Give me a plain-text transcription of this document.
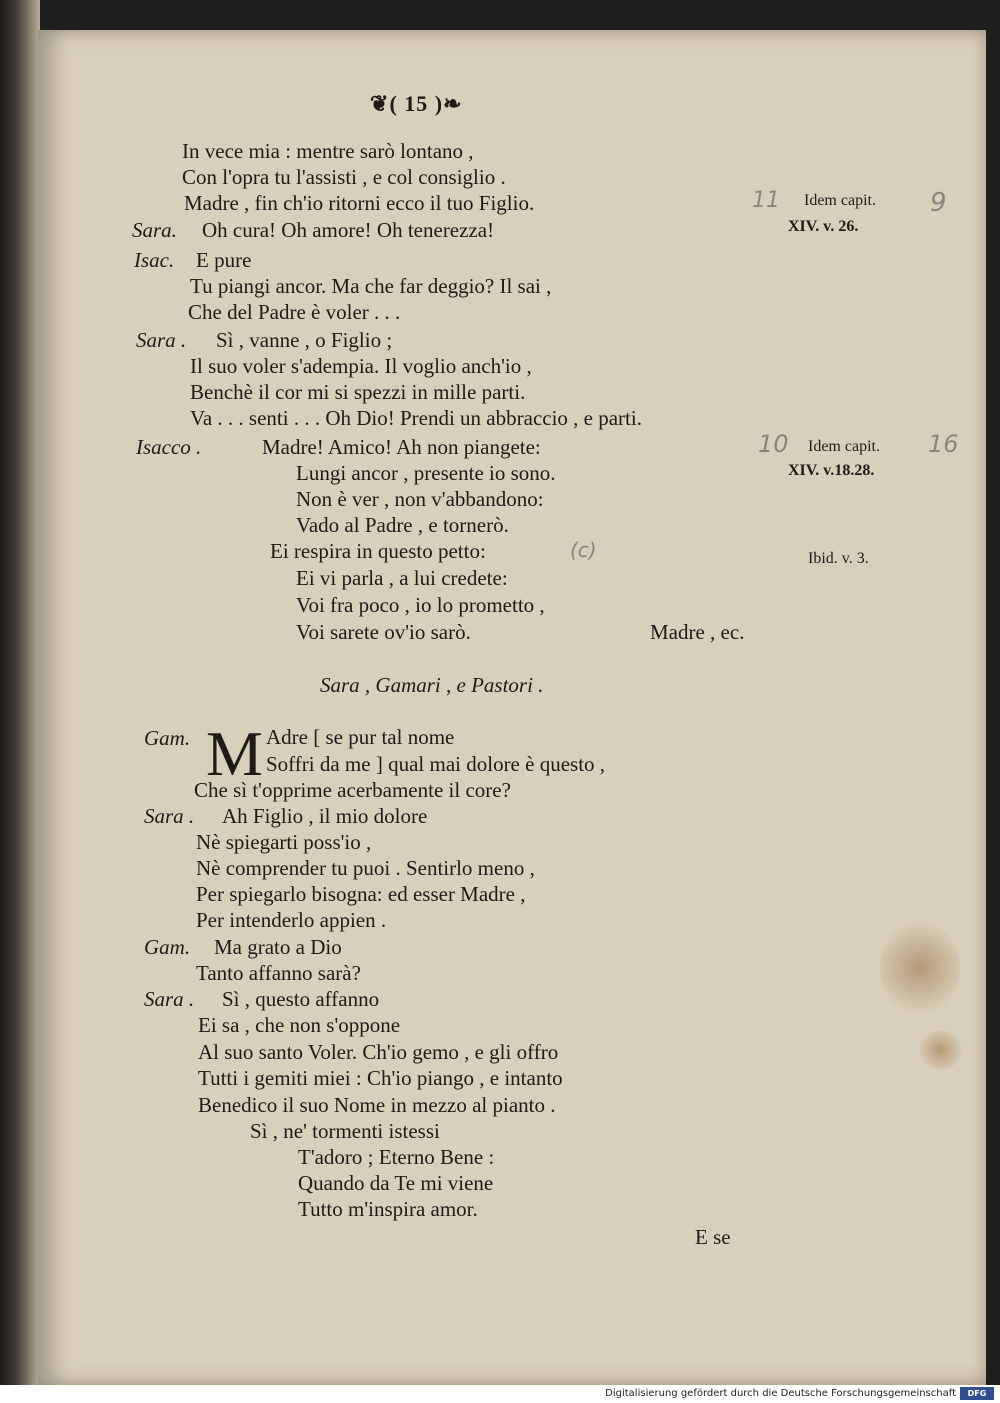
❦( 15 )❧
In vece mia : mentre sarò lontano ,
Con l'opra tu l'assisti , e col consiglio .
Madre , fin ch'io ritorni ecco il tuo Figlio.
Sara. Oh cura! Oh amore! Oh tenerezza!
Isac. E pure
Tu piangi ancor. Ma che far deggio? Il sai ,
Che del Padre è voler . . .
Sara . Sì , vanne , o Figlio ;
Il suo voler s'adempia. Il voglio anch'io ,
Benchè il cor mi si spezzi in mille parti.
Va . . . senti . . . Oh Dio! Prendi un abbraccio , e parti.
Isacco .	Madre! Amico! Ah non piangete:
Lungi ancor , presente io sono.
Non è ver , non v'abbandono:
Vado al Padre , e tornerò.
Ei respira in questo petto:
Ei vi parla , a lui credete:
Voi fra poco , io lo prometto ,
Voi sarete ov'io sarò.	Madre , ec.
Sara , Gamari , e Pastori .
Gam. M Adre [ se pur tal nome
Soffri da me ] qual mai dolore è questo ,
Che sì t'opprime acerbamente il core?
Sara . Ah Figlio , il mio dolore
Nè spiegarti poss'io ,
Nè comprender tu puoi . Sentirlo meno ,
Per spiegarlo bisogna: ed esser Madre ,
Per intenderlo appien .
Gam. Ma grato a Dio
Tanto affanno sarà?
Sara . Sì , questo affanno
Ei sa , che non s'oppone
Al suo santo Voler. Ch'io gemo , e gli offro
Tutti i gemiti miei : Ch'io piango , e intanto
Benedico il suo Nome in mezzo al pianto .
Sì , ne' tormenti istessi
T'adoro ; Eterno Bene :
Quando da Te mi viene
Tutto m'inspira amor.
E se
Idem capit.
XIV. v. 26.
Idem capit.
XIV. v.18.28.
Ibid. v. 3.
11	9
10	16
(c)
Digitalisierung gefördert durch die Deutsche Forschungsgemeinschaft	DFG
